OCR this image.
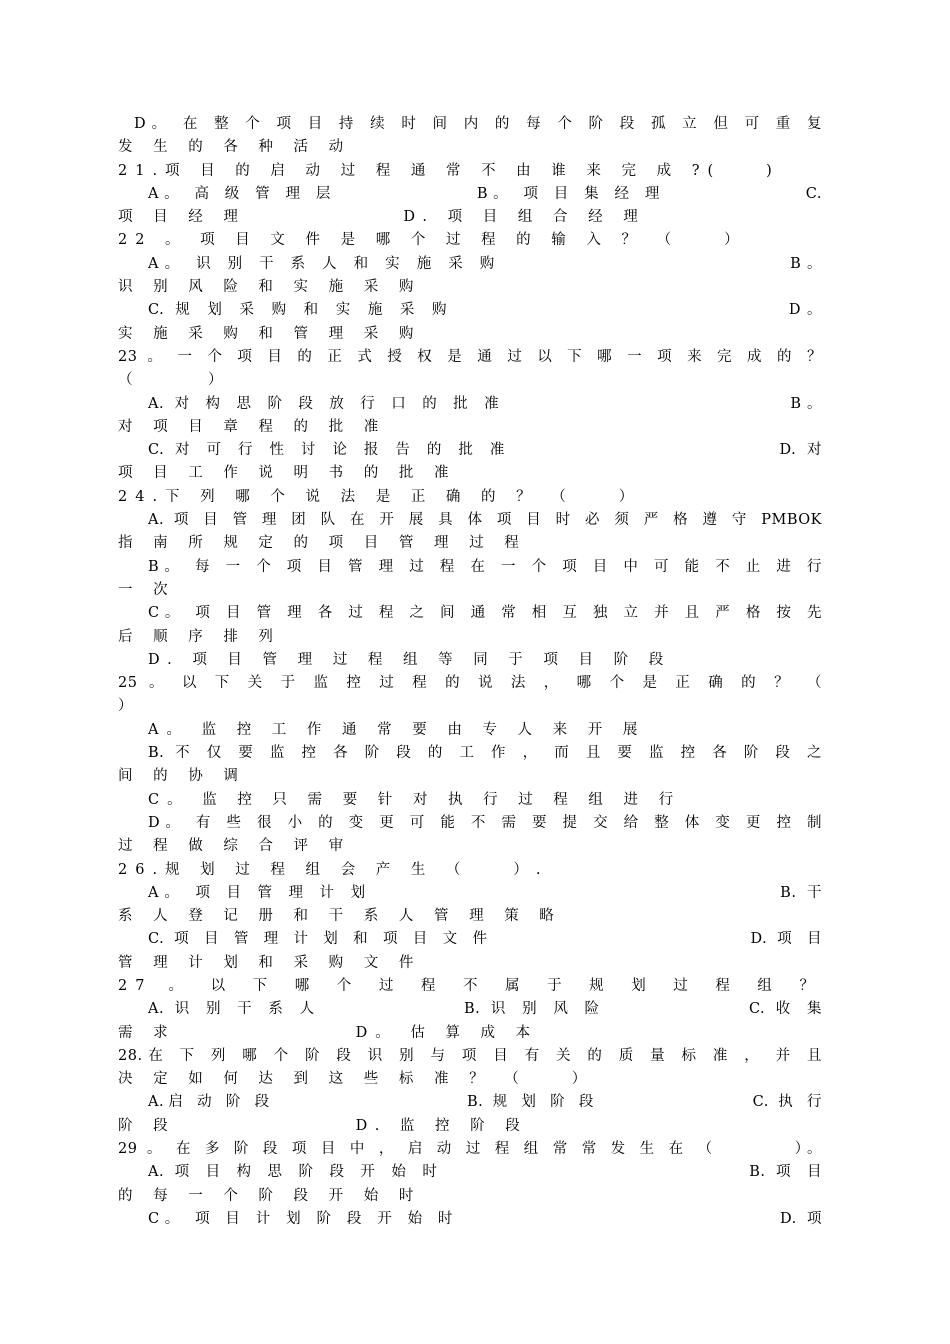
D。 在 整 个 项 目 持 续 时 间 内 的 每 个 阶 段 孤 立 但 可 重 复
发 生 的 各 种 活 动
21.项 目 的 启 动 过 程 通 常 不 由 谁 来 完 成 ?(　　)
A。 高 级 管 理 层　　　　　　　B。 项 目 集 经 理　　　　　　　C.
项 目 经 理　　　　　　　D. 项 目 组 合 经 理
22 。 项 目 文 件 是 哪 个 过 程 的 输 入 ？ （　　）
A。 识 别 干 系 人 和 实 施 采 购　　　　　　　　　　　　　　B。
识 别 风 险 和 实 施 采 购
C. 规 划 采 购 和 实 施 采 购　　　　　　　　　　　　　　　　D。
实 施 采 购 和 管 理 采 购
23 。 一 个 项 目 的 正 式 授 权 是 通 过 以 下 哪 一 项 来 完 成 的 ？
（　　　）
A. 对 构 思 阶 段 放 行 口 的 批 准　　　　　　　　　　　　　　B。
对 项 目 章 程 的 批 准
C. 对 可 行 性 讨 论 报 告 的 批 准　　　　　　　　　　　　　D. 对
项 目 工 作 说 明 书 的 批 准
24.下 列 哪 个 说 法 是 正 确 的 ？ （　　）
A. 项 目 管 理 团 队 在 开 展 具 体 项 目 时 必 须 严 格 遵 守 PMBOK
指 南 所 规 定 的 项 目 管 理 过 程
B。 每 一 个 项 目 管 理 过 程 在 一 个 项 目 中 可 能 不 止 进 行
一 次
C。 项 目 管 理 各 过 程 之 间 通 常 相 互 独 立 并 且 严 格 按 先
后 顺 序 排 列
D. 项 目 管 理 过 程 组 等 同 于 项 目 阶 段
25 。 以 下 关 于 监 控 过 程 的 说 法 ， 哪 个 是 正 确 的 ？ （
）
A。 监 控 工 作 通 常 要 由 专 人 来 开 展
B. 不 仅 要 监 控 各 阶 段 的 工 作 ， 而 且 要 监 控 各 阶 段 之
间 的 协 调
C。 监 控 只 需 要 针 对 执 行 过 程 组 进 行
D。 有 些 很 小 的 变 更 可 能 不 需 要 提 交 给 整 体 变 更 控 制
过 程 做 综 合 评 审
26.规 划 过 程 组 会 产 生 （　　）.
A。 项 目 管 理 计 划　　　　　　　　　　　　　　　　　　　　B. 干
系 人 登 记 册 和 干 系 人 管 理 策 略
C. 项 目 管 理 计 划 和 项 目 文 件　　　　　　　　　　　　　D. 项 目
管 理 计 划 和 采 购 文 件
27 。 以 下 哪 个 过 程 不 属 于 规 划 过 程 组 ？ 　　　　
A. 识 别 干 系 人　　　　　　　B. 识 别 风 险　　　　　　　C. 收 集
需 求　　　　　　　　D。 估 算 成 本
28.在 下 列 哪 个 阶 段 识 别 与 项 目 有 关 的 质 量 标 准 ， 并 且
决 定 如 何 达 到 这 些 标 准 ？ （　　）
A.启 动 阶 段　　　　　　　　　　B. 规 划 阶 段　　　　　　　　C. 执 行
阶 段　　　　　　　　D. 监 控 阶 段
29 。 在 多 阶 段 项 目 中 ， 启 动 过 程 组 常 常 发 生 在 （　　　　）。
A. 项 目 构 思 阶 段 开 始 时　　　　　　　　　　　　　　　B. 项 目
的 每 一 个 阶 段 开 始 时
C。 项 目 计 划 阶 段 开 始 时　　　　　　　　　　　　　　　　D. 项
